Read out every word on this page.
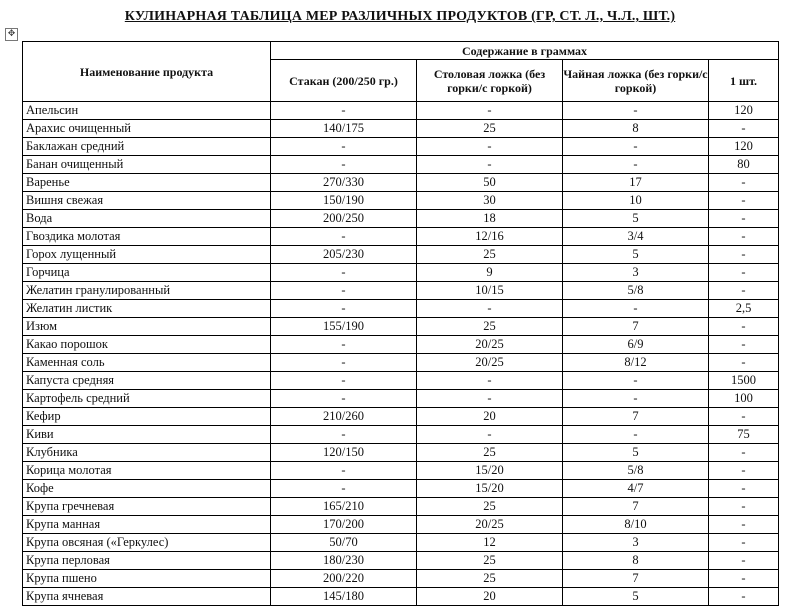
КУЛИНАРНАЯ ТАБЛИЦА МЕР РАЗЛИЧНЫХ ПРОДУКТОВ (ГР, СТ. Л., Ч.Л., ШТ.)
✥
Наименование продукта	Содержание в граммах			
	Стакан (200/250 гр.)	Столовая ложка (без горки/с горкой)	Чайная ложка (без горки/с горкой)	1 шт.
Апельсин	-	-	-	120
Арахис очищенный	140/175	25	8	-
Баклажан средний	-	-	-	120
Банан очищенный	-	-	-	80
Варенье	270/330	50	17	-
Вишня свежая	150/190	30	10	-
Вода	200/250	18	5	-
Гвоздика молотая	-	12/16	3/4	-
Горох лущенный	205/230	25	5	-
Горчица	-	9	3	-
Желатин гранулированный	-	10/15	5/8	-
Желатин листик	-	-	-	2,5
Изюм	155/190	25	7	-
Какао порошок	-	20/25	6/9	-
Каменная соль	-	20/25	8/12	-
Капуста средняя	-	-	-	1500
Картофель средний	-	-	-	100
Кефир	210/260	20	7	-
Киви	-	-	-	75
Клубника	120/150	25	5	-
Корица молотая	-	15/20	5/8	-
Кофе	-	15/20	4/7	-
Крупа гречневая	165/210	25	7	-
Крупа манная	170/200	20/25	8/10	-
Крупа овсяная («Геркулес)	50/70	12	3	-
Крупа перловая	180/230	25	8	-
Крупа пшено	200/220	25	7	-
Крупа ячневая	145/180	20	5	-
